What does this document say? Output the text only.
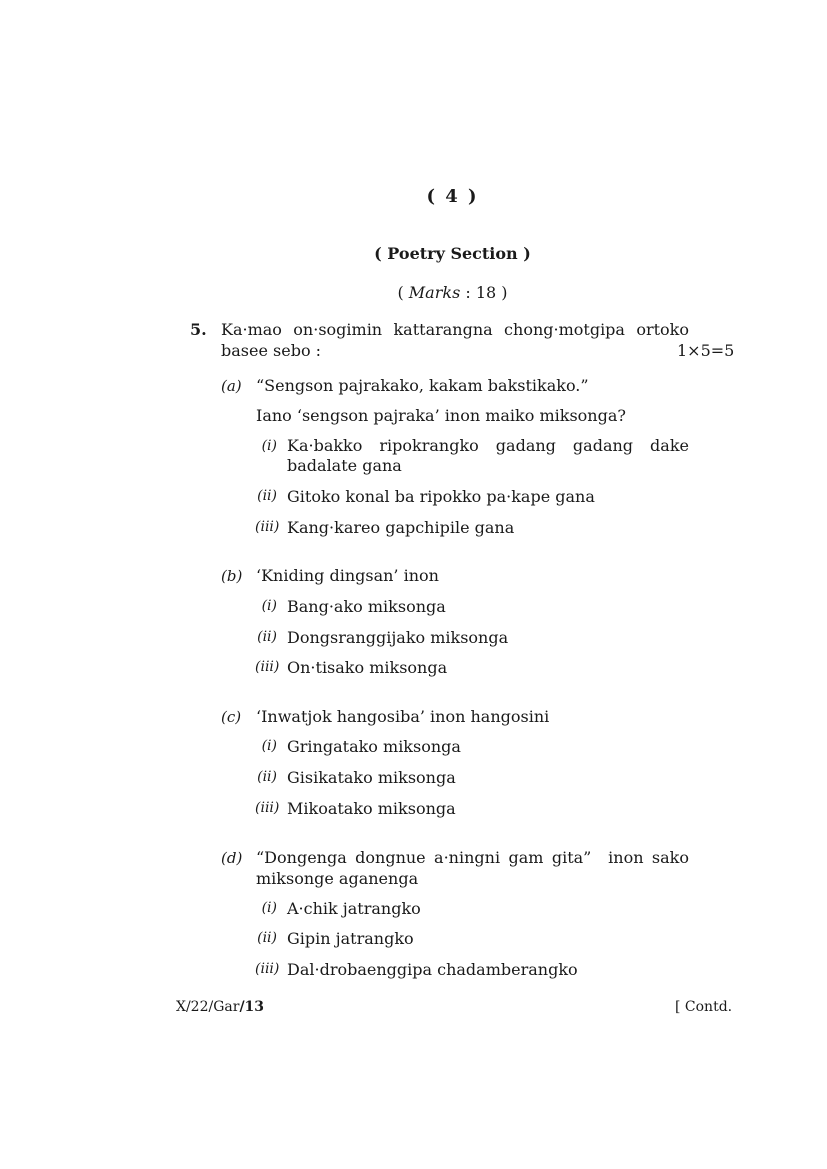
( 4 )
( Poetry Section )
( Marks : 18 )
5. Ka·mao on·sogimin kattarangna chong·motgipa ortoko
basee sebo :	1×5=5
(a) “Sengson pajrakako, kakam bakstikako.”
Iano ‘sengson pajraka’ inon maiko miksonga?
(i) Ka·bakko ripokrangko gadang gadang dake
badalate gana
(ii) Gitoko konal ba ripokko pa·kape gana
(iii) Kang·kareo gapchipile gana
(b) ‘Kniding dingsan’ inon
(i) Bang·ako miksonga
(ii) Dongsranggijako miksonga
(iii) On·tisako miksonga
(c) ‘Inwatjok hangosiba’ inon hangosini
(i) Gringatako miksonga
(ii) Gisikatako miksonga
(iii) Mikoatako miksonga
(d) “Dongenga dongnue a·ningni gam gita”  inon sako
miksonge aganenga
(i) A·chik jatrangko
(ii) Gipin jatrangko
(iii) Dal·drobaenggipa chadamberangko
X/22/Gar/13	[ Contd.
